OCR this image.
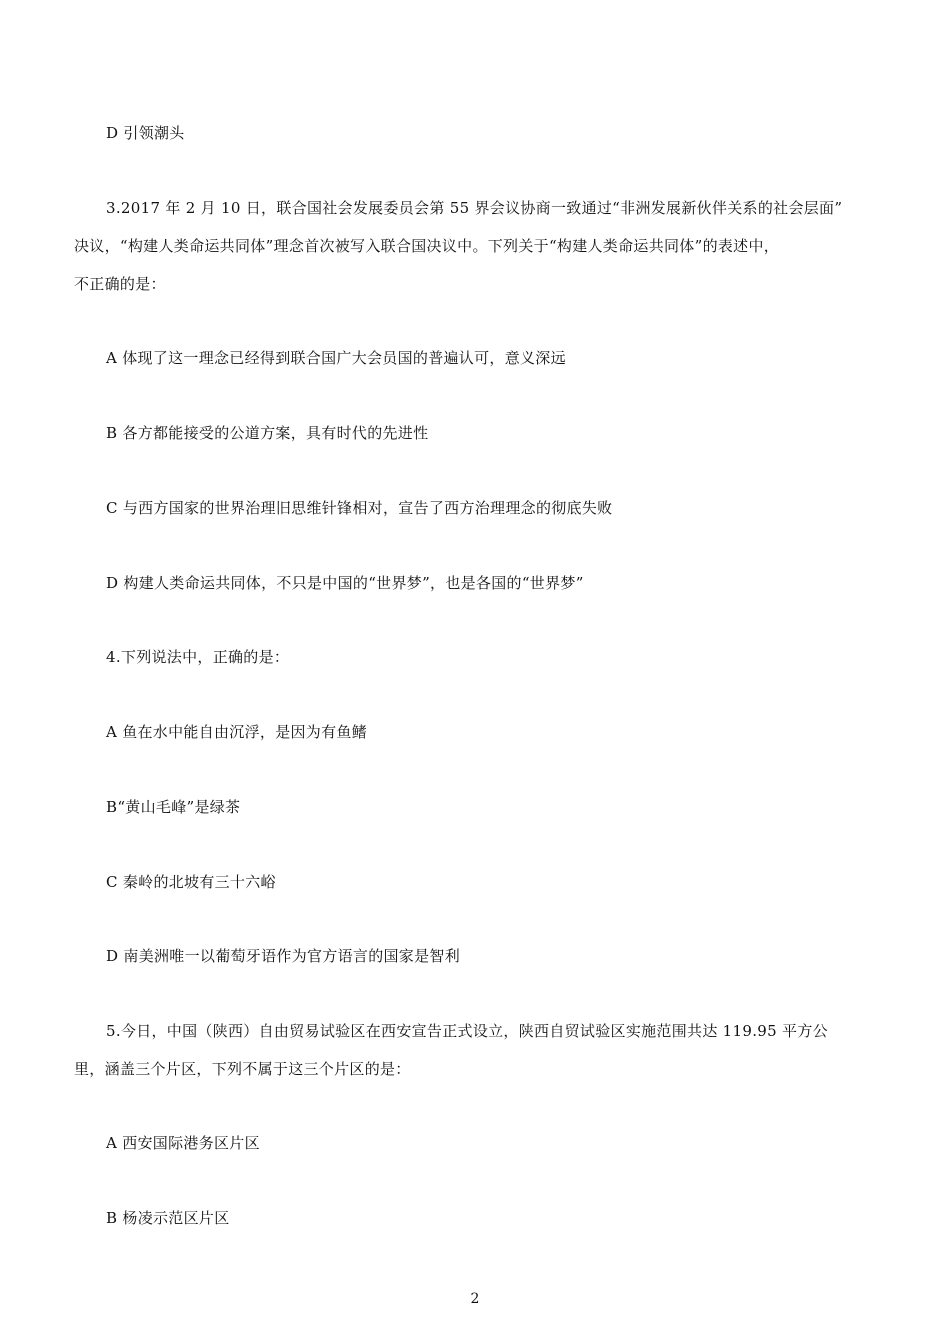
D 引领潮头
3.2017 年 2 月 10 日，联合国社会发展委员会第 55 界会议协商一致通过“非洲发展新伙伴关系的社会层面”
决议，“构建人类命运共同体”理念首次被写入联合国决议中。下列关于“构建人类命运共同体”的表述中，
不正确的是：
A 体现了这一理念已经得到联合国广大会员国的普遍认可，意义深远
B 各方都能接受的公道方案，具有时代的先进性
C 与西方国家的世界治理旧思维针锋相对，宣告了西方治理理念的彻底失败
D 构建人类命运共同体，不只是中国的“世界梦”，也是各国的“世界梦”
4.下列说法中，正确的是：
A 鱼在水中能自由沉浮，是因为有鱼鳍
B“黄山毛峰”是绿茶
C 秦岭的北坡有三十六峪
D 南美洲唯一以葡萄牙语作为官方语言的国家是智利
5.今日，中国（陕西）自由贸易试验区在西安宣告正式设立，陕西自贸试验区实施范围共达 119.95 平方公
里，涵盖三个片区，下列不属于这三个片区的是：
A 西安国际港务区片区
B 杨凌示范区片区
2
